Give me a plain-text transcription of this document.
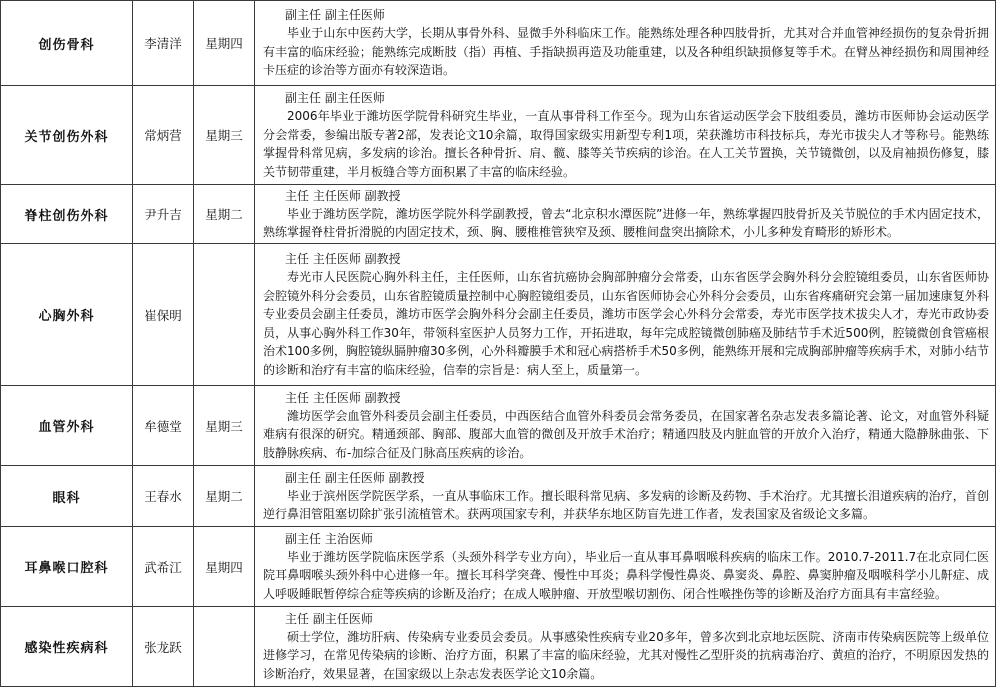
创伤骨科	李清洋	星期四	副主任 副主任医师
毕业于山东中医药大学，长期从事骨外科、显微手外科临床工作。能熟练处理各种四肢骨折，尤其对合并血管神经损伤的复杂骨折拥有丰富的临床经验；能熟练完成断肢（指）再植、手指缺损再造及功能重建，以及各种组织缺损修复等手术。在臂丛神经损伤和周围神经卡压症的诊治等方面亦有较深造诣。

关节创伤外科	常炳营	星期三	副主任 副主任医师
2006年毕业于潍坊医学院骨科研究生毕业，一直从事骨科工作至今。现为山东省运动医学会下肢组委员，潍坊市医师协会运动医学分会常委，参编出版专著2部，发表论文10余篇，取得国家级实用新型专利1项，荣获潍坊市科技标兵，寿光市拔尖人才等称号。能熟练掌握骨科常见病，多发病的诊治。擅长各种骨折、肩、髋、膝等关节疾病的诊治。在人工关节置换，关节镜微创，以及肩袖损伤修复，膝关节韧带重建，半月板缝合等方面积累了丰富的临床经验。

脊柱创伤外科	尹升吉	星期二	主任 主任医师 副教授
毕业于潍坊医学院，潍坊医学院外科学副教授，曾去“北京积水潭医院”进修一年，熟练掌握四肢骨折及关节脱位的手术内固定技术，熟练掌握脊柱骨折滑脱的内固定技术，颈、胸、腰椎椎管狭窄及颈、腰椎间盘突出摘除术，小儿多种发育畸形的矫形术。

心胸外科	崔保明		主任 主任医师 副教授
寿光市人民医院心胸外科主任，主任医师，山东省抗癌协会胸部肿瘤分会常委，山东省医学会胸外科分会腔镜组委员，山东省医师协会腔镜外科分会委员，山东省腔镜质量控制中心胸腔镜组委员，山东省医师协会心外科分会委员，山东省疼痛研究会第一届加速康复外科专业委员会副主任委员，潍坊市医学会胸外科分会副主任委员，潍坊市医学会心外科分会常委，寿光市医学技术拔尖人才，寿光市政协委员，从事心胸外科工作30年，带领科室医护人员努力工作，开拓进取，每年完成腔镜微创肺癌及肺结节手术近500例，腔镜微创食管癌根治术100多例，胸腔镜纵膈肿瘤30多例，心外科瓣膜手术和冠心病搭桥手术50多例，能熟练开展和完成胸部肿瘤等疾病手术，对肺小结节的诊断和治疗有丰富的临床经验，信奉的宗旨是：病人至上，质量第一。

血管外科	牟德堂	星期三	主任 主任医师 副教授
潍坊医学会血管外科委员会副主任委员，中西医结合血管外科委员会常务委员，在国家著名杂志发表多篇论著、论文，对血管外科疑难病有很深的研究。精通颈部、胸部、腹部大血管的微创及开放手术治疗；精通四肢及内脏血管的开放介入治疗，精通大隐静脉曲张、下肢静脉疾病、布-加综合征及门脉高压疾病的诊治。

眼科	王春水	星期二	副主任 副主任医师 副教授
毕业于滨州医学院医学系，一直从事临床工作。擅长眼科常见病、多发病的诊断及药物、手术治疗。尤其擅长泪道疾病的治疗，首创逆行鼻泪管阻塞切除扩张引流植管术。获两项国家专利，并获华东地区防盲先进工作者，发表国家及省级论文多篇。

耳鼻喉口腔科	武希江	星期四	副主任 主治医师
毕业于潍坊医学院临床医学系（头颈外科学专业方向），毕业后一直从事耳鼻咽喉科疾病的临床工作。2010.7-2011.7在北京同仁医院耳鼻咽喉头颈外科中心进修一年。擅长耳科学突聋、慢性中耳炎；鼻科学慢性鼻炎、鼻窦炎、鼻腔、鼻窦肿瘤及咽喉科学小儿鼾症、成人呼吸睡眠暂停综合症等疾病的诊断及治疗；在成人喉肿瘤、开放型喉切割伤、闭合性喉挫伤等的诊断及治疗方面具有丰富经验。

感染性疾病科	张龙跃		主任 副主任医师
硕士学位，潍坊肝病、传染病专业委员会委员。从事感染性疾病专业20多年，曾多次到北京地坛医院、济南市传染病医院等上级单位进修学习，在常见传染病的诊断、治疗方面，积累了丰富的临床经验，尤其对慢性乙型肝炎的抗病毒治疗、黄疸的治疗，不明原因发热的诊断治疗，效果显著，在国家级以上杂志发表医学论文10余篇。
